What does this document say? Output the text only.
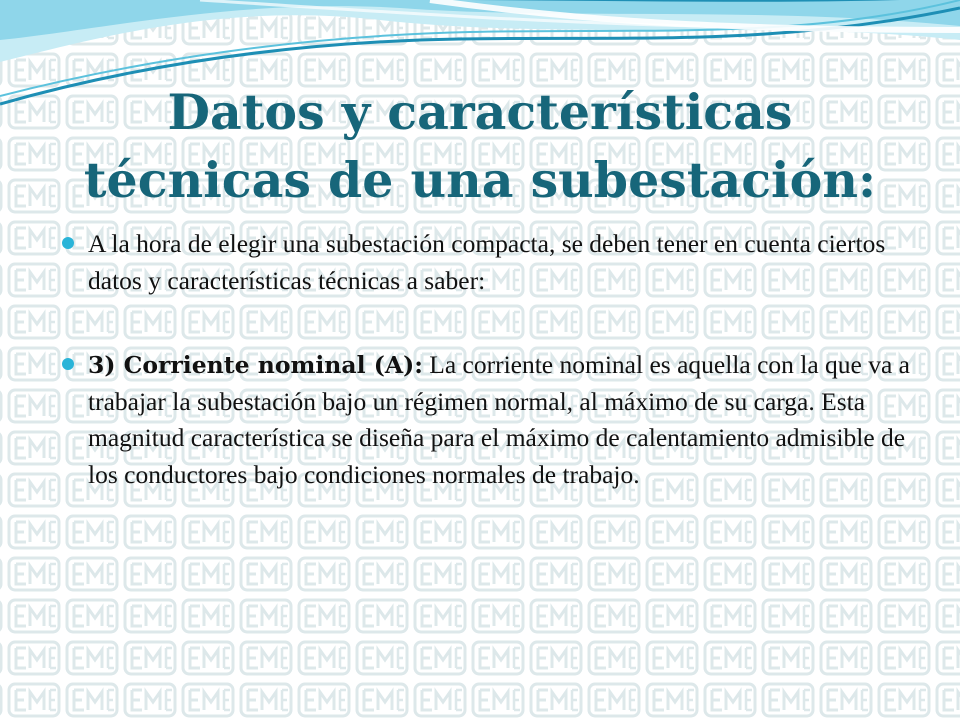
Datos y características
técnicas de una subestación:
A la hora de elegir una subestación compacta, se deben tener en cuenta ciertos datos y características técnicas a saber:
3) Corriente nominal (A): La corriente nominal es aquella con la que va a trabajar la subestación bajo un régimen normal, al máximo de su carga. Esta magnitud característica se diseña para el máximo de calentamiento admisible de los conductores bajo condiciones normales de trabajo.
